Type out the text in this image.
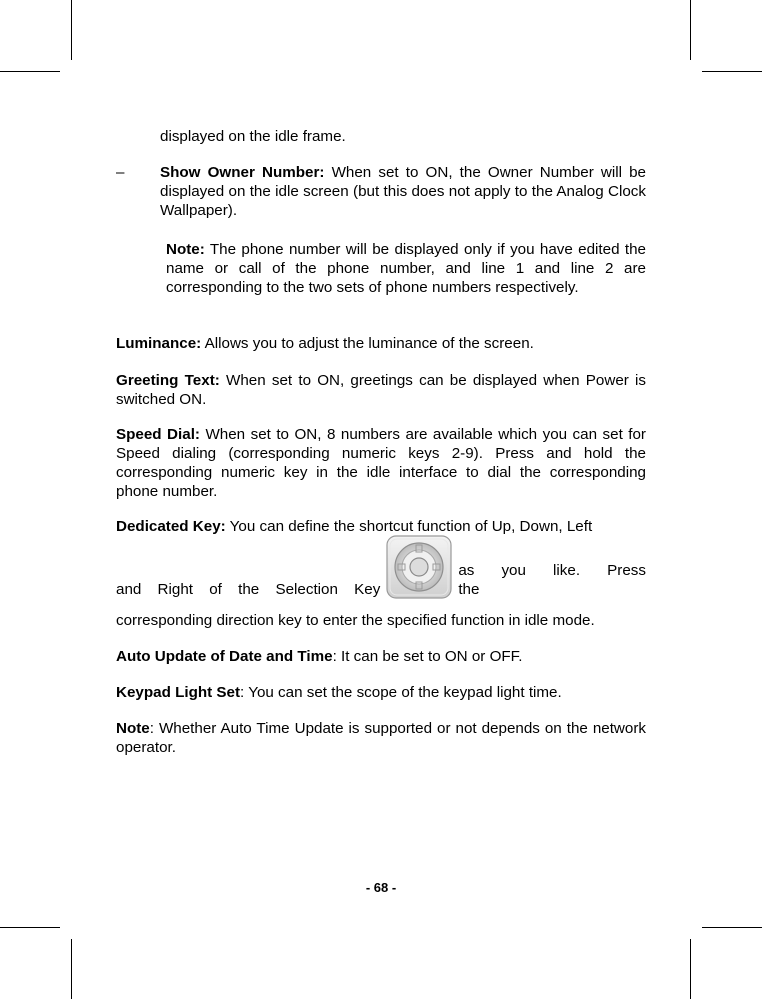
displayed on the idle frame.
– Show Owner Number: When set to ON, the Owner Number will be displayed on the idle screen (but this does not apply to the Analog Clock Wallpaper).
Note: The phone number will be displayed only if you have edited the name or call of the phone number, and line 1 and line 2 are corresponding to the two sets of phone numbers respectively.
Luminance: Allows you to adjust the luminance of the screen.
Greeting Text: When set to ON, greetings can be displayed when Power is switched ON.
Speed Dial: When set to ON, 8 numbers are available which you can set for Speed dialing (corresponding numeric keys 2-9). Press and hold the corresponding numeric key in the idle interface to dial the corresponding phone number.
Dedicated Key: You can define the shortcut function of Up, Down, Left
and Right of the Selection Key
as you like. Press the
corresponding direction key to enter the specified function in idle mode.
Auto Update of Date and Time: It can be set to ON or OFF.
Keypad Light Set: You can set the scope of the keypad light time.
Note: Whether Auto Time Update is supported or not depends on the network operator.
- 68 -
